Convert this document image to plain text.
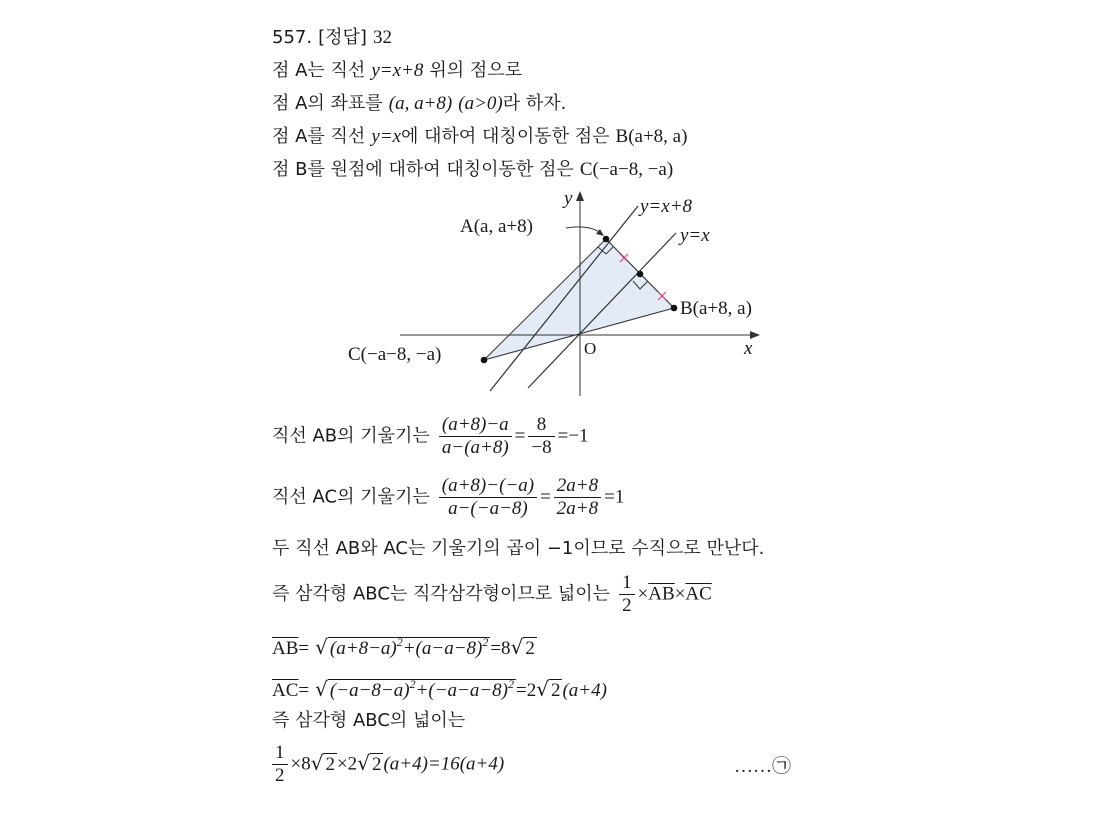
557. [정답] 32
점 A는 직선 y=x+8 위의 점으로
점 A의 좌표를 (a, a+8) (a>0)라 하자.
점 A를 직선 y=x에 대하여 대칭이동한 점은 B(a+8, a)
점 B를 원점에 대하여 대칭이동한 점은 C(−a−8, −a)
A(a, a+8)
B(a+8, a)
C(−a−8, −a)	O	x
y	y=x+8
y=x
직선 AB의 기울기는 $\frac{(a+8)-a}{a-(a+8)} = \frac{8}{-8} =-1$
직선 AC의 기울기는 $\frac{(a+8)-(-a)}{a-(-a-8)} = \frac{2a+8}{2a+8} =1$
두 직선 AB와 AC는 기울기의 곱이 −1이므로 수직으로 만난다.
즉 삼각형 ABC는 직각삼각형이므로 넓이는 $\frac{1}{2} \times\overline{AB}\times\overline{AC}$
$\overline{AB}=$ √ $(a+8-a)^2+(a-a-8)^2 =8√$ 2
$\overline{AC}=$ √ $(-a-8-a)^2+(-a-a-8)^2 =2√$ 2 (a+4)
즉 삼각형 ABC의 넓이는
$\frac{1}{2} \times 8√$ 2 ×2√ 2 (a+4)=16(a+4)	……㉠
